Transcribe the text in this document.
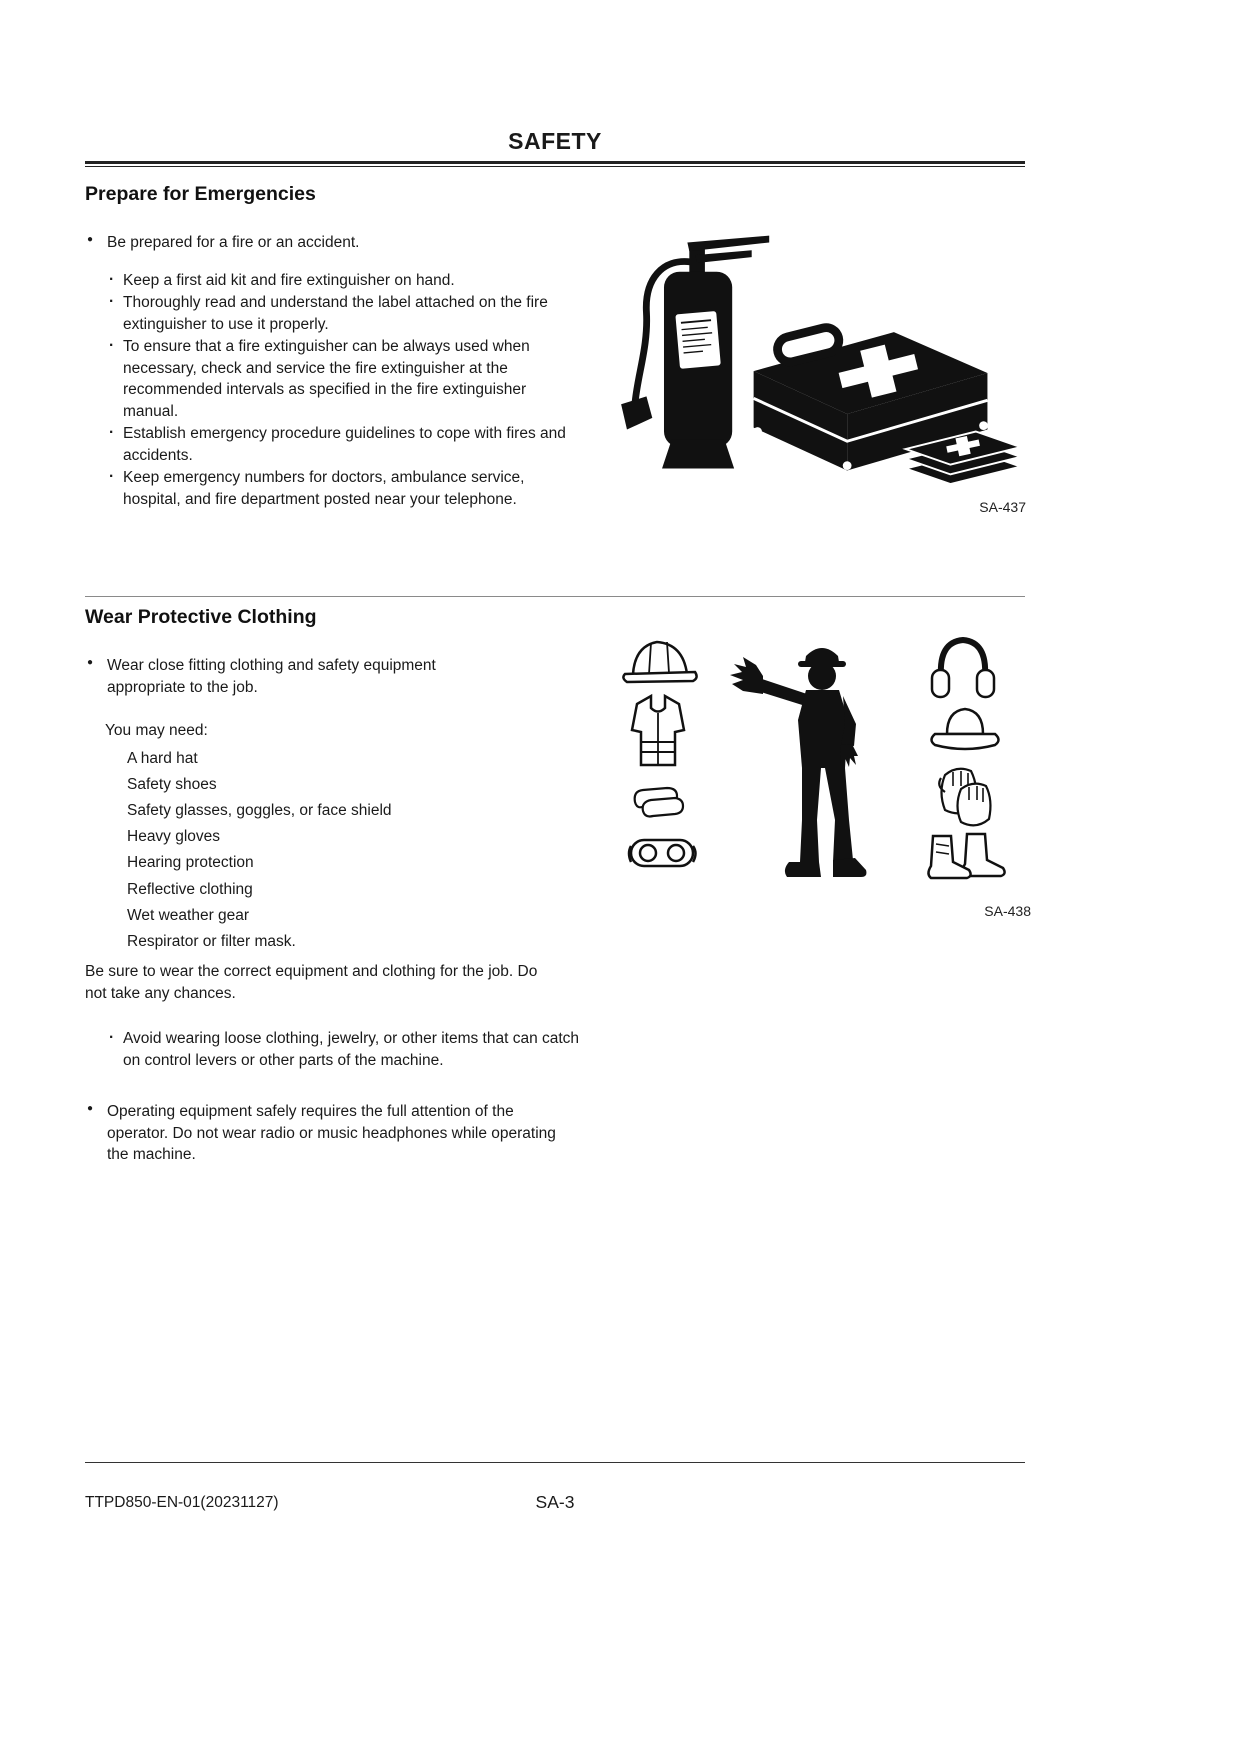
SAFETY
Prepare for Emergencies

● Be prepared for a fire or an accident.

· Keep a first aid kit and fire extinguisher on hand.

· Thoroughly read and understand the label attached on the fire extinguisher to use it properly.

· To ensure that a fire extinguisher can be always used when necessary, check and service the fire extinguisher at the recommended intervals as specified in the fire extinguisher manual.

· Establish emergency procedure guidelines to cope with fires and accidents.

· Keep emergency numbers for doctors, ambulance service, hospital, and fire department posted near your telephone.	SA-437
Wear Protective Clothing

● Wear close fitting clothing and safety equipment appropriate to the job.

You may need:

A hard hat
Safety shoes
Safety glasses, goggles, or face shield
Heavy gloves
Hearing protection
Reflective clothing
Wet weather gear
Respirator or filter mask.

Be sure to wear the correct equipment and clothing for the job. Do not take any chances.

· Avoid wearing loose clothing, jewelry, or other items that can catch on control levers or other parts of the machine.

● Operating equipment safely requires the full attention of the operator. Do not wear radio or music headphones while operating the machine.

SA-438
TTPD850-EN-01(20231127)	SA-3
